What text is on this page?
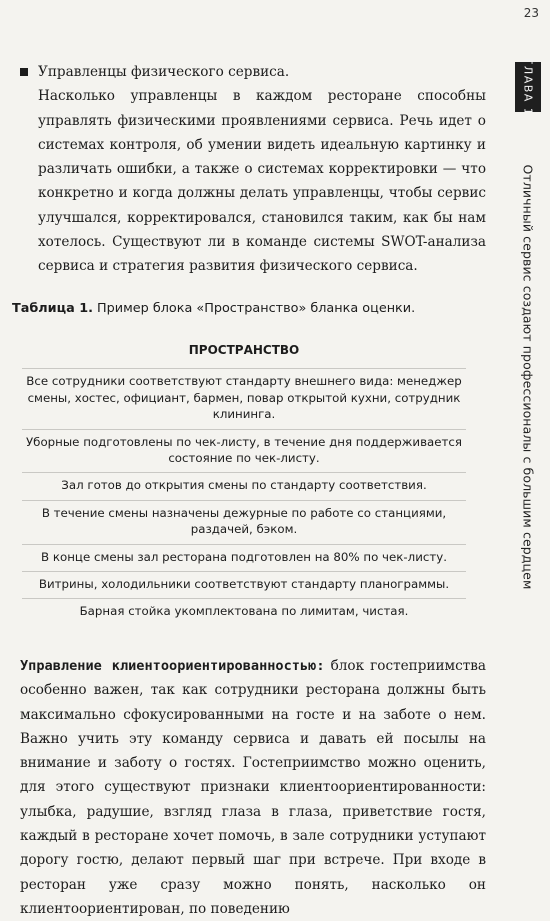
23
ГЛАВА 1
Отличный сервис создают профессионалы с большим сердцем
Управленцы физического сервиса.
Насколько управленцы в каждом ресторане способны управлять физическими проявлениями сервиса. Речь идет о системах контроля, об умении видеть идеальную картинку и различать ошибки, а также о системах корректировки — что конкретно и когда должны делать управленцы, чтобы сервис улучшался, корректировался, становился таким, как бы нам хотелось. Существуют ли в команде системы SWOT-анализа сервиса и стратегия развития физического сервиса.
Таблица 1. Пример блока «Пространство» бланка оценки.
ПРОСТРАНСТВО
Все сотрудники соответствуют стандарту внешнего вида: менеджер смены, хостес, официант, бармен, повар открытой кухни, сотрудник клининга.
Уборные подготовлены по чек-листу, в течение дня поддерживается состояние по чек-листу.
Зал готов до открытия смены по стандарту соответствия.
В течение смены назначены дежурные по работе со станциями, раздачей, бэком.
В конце смены зал ресторана подготовлен на 80% по чек-листу.
Витрины, холодильники соответствуют стандарту планограммы.
Барная стойка укомплектована по лимитам, чистая.
Управление клиентоориентированностью: блок гостеприимства особенно важен, так как сотрудники ресторана должны быть максимально сфокусированными на госте и на заботе о нем. Важно учить эту команду сервиса и давать ей посылы на внимание и заботу о гостях. Гостеприимство можно оценить, для этого существуют признаки клиентоориентированности: улыбка, радушие, взгляд глаза в глаза, приветствие гостя, каждый в ресторане хочет помочь, в зале сотрудники уступают дорогу гостю, делают первый шаг при встрече. При входе в ресторан уже сразу можно понять, насколько он клиентоориентирован, по поведению
